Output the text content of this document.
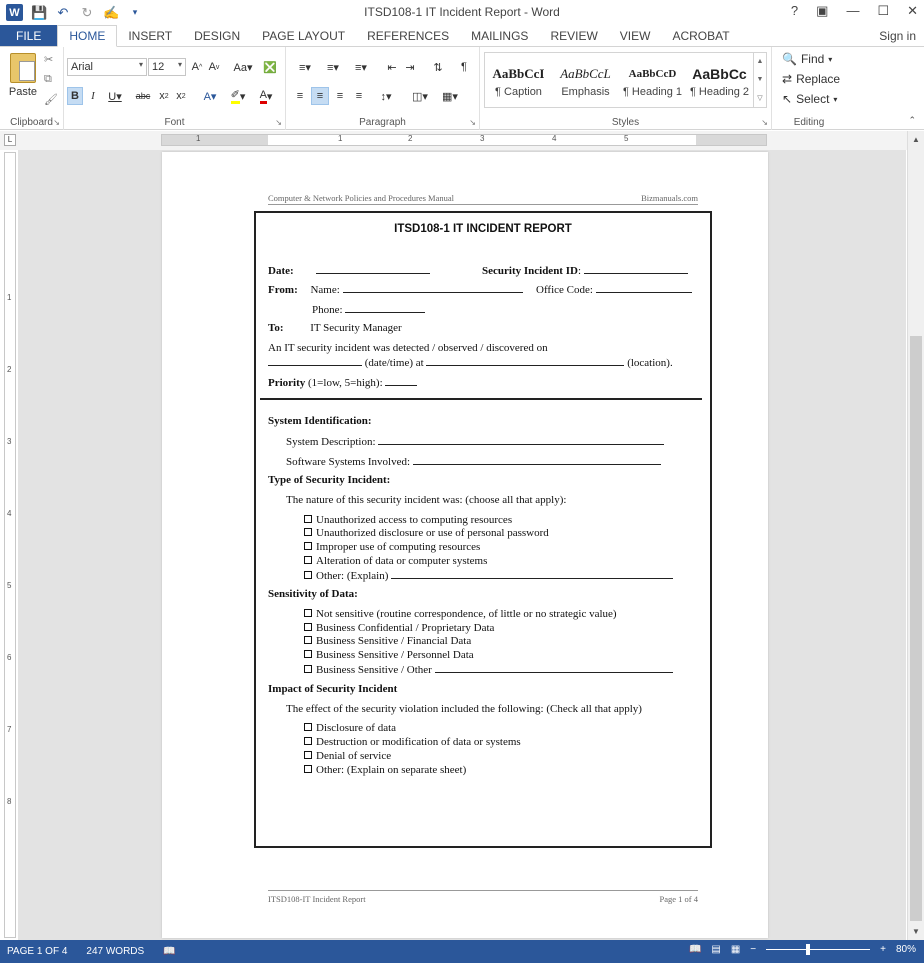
W 💾 ↶ ↻ ✍	▾	ITSD108-1 IT Incident Report - Word	? ▣ — ☐ ✕
FILE	HOME	INSERT	DESIGN	PAGE LAYOUT	REFERENCES	MAILINGS	REVIEW	VIEW	ACROBAT	Sign in
Paste
✂
⧉
🖌
Clipboard ↘
Arial	▾ 12 ▾ A ^ A v	Aa▾ ❎
B	I	U▾	abc x 2 x 2	A▾	✐ ▾	A ▾
Font	↘
≡▾	≡▾	≡▾	⇤ ⇥	⇅	¶
≡	≡	≡	≡	↕▾	◫▾	▦▾
Paragraph	↘	Styles	↘
AaBbCcI
¶ Caption
AaBbCcL
Emphasis
AaBbCcD
¶ Heading 1
AaBbCc
¶ Heading 2
▲
▼
▽
Editing
🔍 Find ▾
⇄ Replace
↖ Select ▾
⌃
L	1	1	2	3	4	5
1
2
3
4
5
6
7
8
Computer & Network Policies and Procedures Manual	Bizmanuals.com
ITSD108-1 IT INCIDENT REPORT
Date:	Security Incident ID:
From: Name:	Office Code:
Phone:
To: IT Security Manager
An IT security incident was detected / observed / discovered on
(date/time) at	(location).
Priority (1=low, 5=high):
System Identification:
System Description:
Software Systems Involved:
Type of Security Incident:
The nature of this security incident was: (choose all that apply):
Unauthorized access to computing resources
Unauthorized disclosure or use of personal password
Improper use of computing resources
Alteration of data or computer systems
Other: (Explain)
Sensitivity of Data:
Not sensitive (routine correspondence, of little or no strategic value)
Business Confidential / Proprietary Data
Business Sensitive / Financial Data
Business Sensitive / Personnel Data
Business Sensitive / Other
Impact of Security Incident
The effect of the security violation included the following: (Check all that apply)
Disclosure of data
Destruction or modification of data or systems
Denial of service
Other: (Explain on separate sheet)
ITSD108-IT Incident Report	Page 1 of 4
▲
▼
PAGE 1 OF 4 247 WORDS 📖	📖 ▤ ▦ −	+ 80%
